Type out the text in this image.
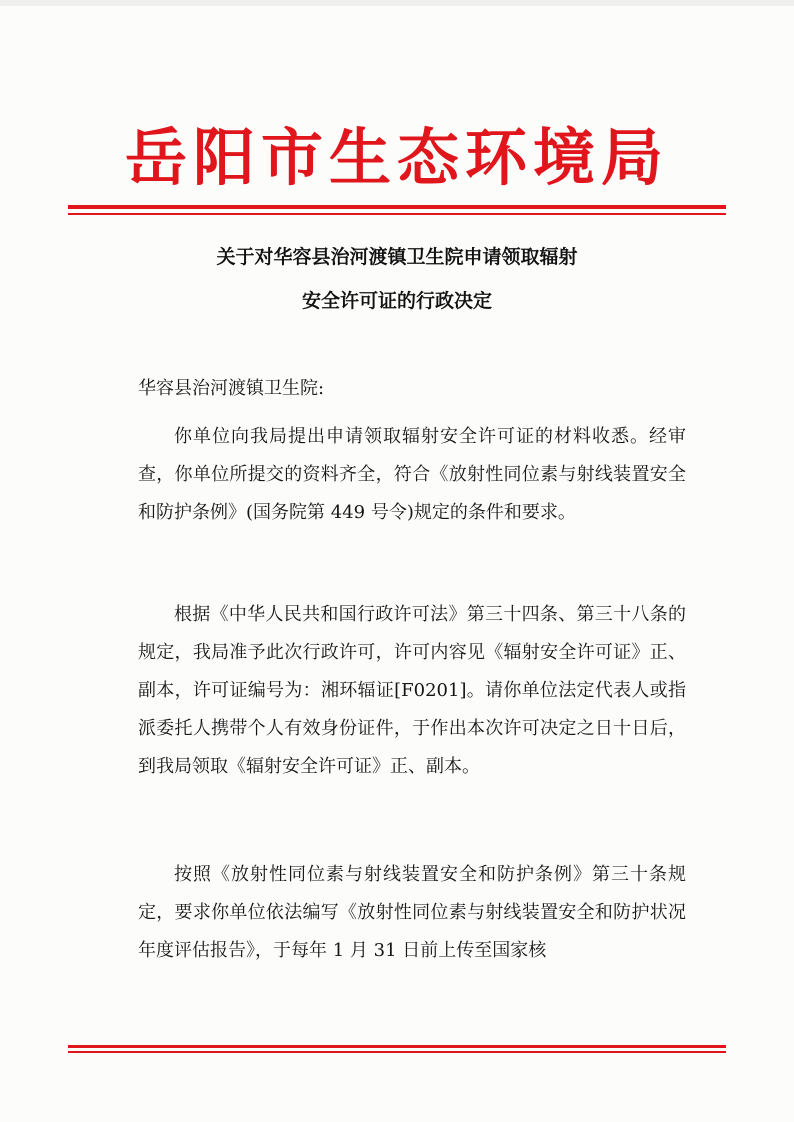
岳阳市生态环境局
关于对华容县治河渡镇卫生院申请领取辐射
安全许可证的行政决定
华容县治河渡镇卫生院:
你单位向我局提出申请领取辐射安全许可证的材料收悉。经审查，你单位所提交的资料齐全，符合《放射性同位素与射线装置安全和防护条例》(国务院第 449 号令)规定的条件和要求。
根据《中华人民共和国行政许可法》第三十四条、第三十八条的规定，我局准予此次行政许可，许可内容见《辐射安全许可证》正、副本，许可证编号为：湘环辐证[F0201]。请你单位法定代表人或指派委托人携带个人有效身份证件，于作出本次许可决定之日十日后，到我局领取《辐射安全许可证》正、副本。
按照《放射性同位素与射线装置安全和防护条例》第三十条规定，要求你单位依法编写《放射性同位素与射线装置安全和防护状况年度评估报告》，于每年 1 月 31 日前上传至国家核
